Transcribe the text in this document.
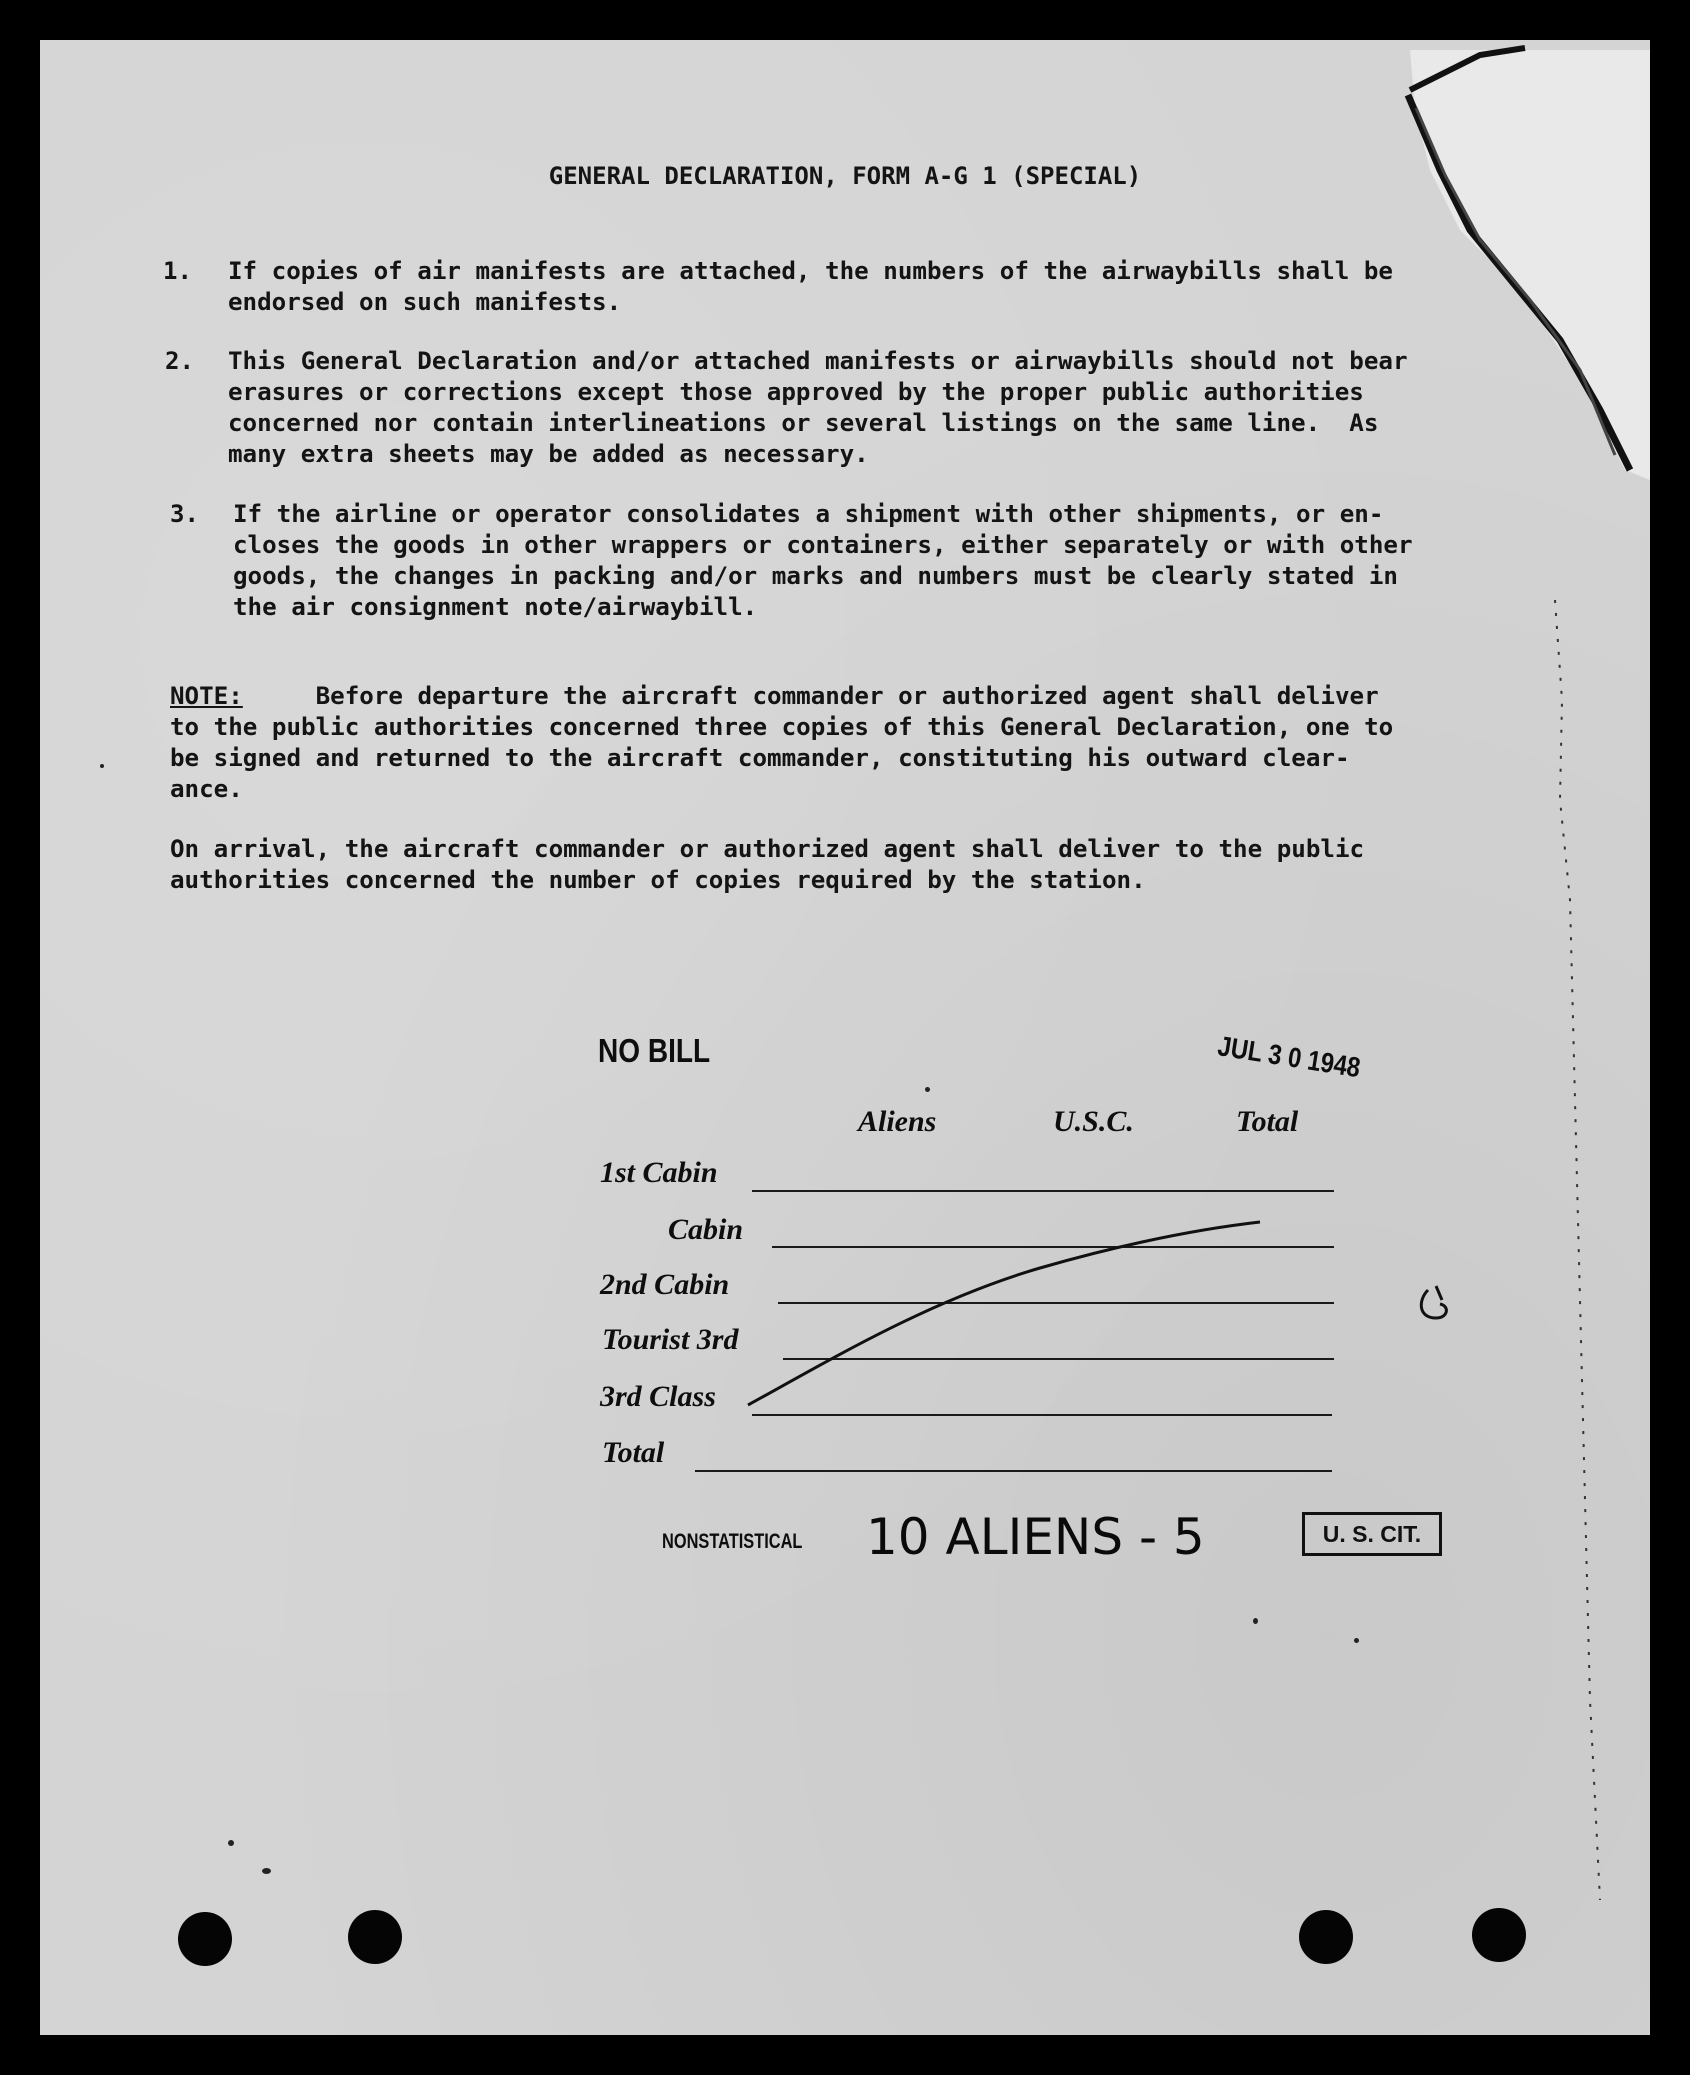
GENERAL DECLARATION, FORM A-G 1 (SPECIAL)
1. If copies of air manifests are attached, the numbers of the airwaybills shall be
endorsed on such manifests.
2. This General Declaration and/or attached manifests or airwaybills should not bear
erasures or corrections except those approved by the proper public authorities
concerned nor contain interlineations or several listings on the same line.  As
many extra sheets may be added as necessary.
3. If the airline or operator consolidates a shipment with other shipments, or en-
closes the goods in other wrappers or containers, either separately or with other
goods, the changes in packing and/or marks and numbers must be clearly stated in
the air consignment note/airwaybill.
NOTE:     Before departure the aircraft commander or authorized agent shall deliver
to the public authorities concerned three copies of this General Declaration, one to
be signed and returned to the aircraft commander, constituting his outward clear-
ance.
On arrival, the aircraft commander or authorized agent shall deliver to the public
authorities concerned the number of copies required by the station.
NO BILL	JUL 3 0 1948
Aliens	U.S.C.	Total
1st Cabin
Cabin
2nd Cabin
Tourist 3rd
3rd Class
Total
NONSTATISTICAL 10 ALIENS - 5	U. S. CIT.
